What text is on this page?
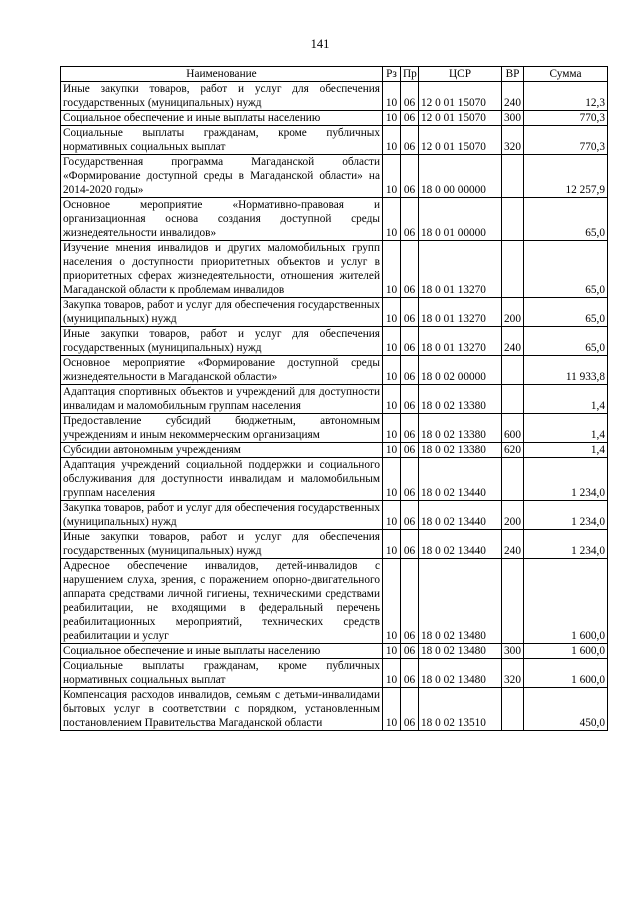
141
Наименование	Рз	Пр	ЦСР	ВР	Сумма
Иные закупки товаров, работ и услуг для обеспечения государственных (муниципальных) нужд	10	06	12 0 01 15070	240	12,3
Социальное обеспечение и иные выплаты населению	10	06	12 0 01 15070	300	770,3
Социальные выплаты гражданам, кроме публичных нормативных социальных выплат	10	06	12 0 01 15070	320	770,3
Государственная программа Магаданской области «Формирование доступной среды в Магаданской области» на 2014-2020 годы»	10	06	18 0 00 00000		12 257,9
Основное мероприятие «Нормативно-правовая и организационная основа создания доступной среды жизнедеятельности инвалидов»	10	06	18 0 01 00000		65,0
Изучение мнения инвалидов и других маломобильных групп населения о доступности приоритетных объектов и услуг в приоритетных сферах жизнедеятельности, отношения жителей Магаданской области к проблемам инвалидов	10	06	18 0 01 13270		65,0
Закупка товаров, работ и услуг для обеспечения государственных (муниципальных) нужд	10	06	18 0 01 13270	200	65,0
Иные закупки товаров, работ и услуг для обеспечения государственных (муниципальных) нужд	10	06	18 0 01 13270	240	65,0
Основное мероприятие «Формирование доступной среды жизнедеятельности в Магаданской области»	10	06	18 0 02 00000		11 933,8
Адаптация спортивных объектов и учреждений для доступности инвалидам и маломобильным группам населения	10	06	18 0 02 13380		1,4
Предоставление субсидий бюджетным, автономным учреждениям и иным некоммерческим организациям	10	06	18 0 02 13380	600	1,4
Субсидии автономным учреждениям	10	06	18 0 02 13380	620	1,4
Адаптация учреждений социальной поддержки и социального обслуживания для доступности инвалидам и маломобильным группам населения	10	06	18 0 02 13440		1 234,0
Закупка товаров, работ и услуг для обеспечения государственных (муниципальных) нужд	10	06	18 0 02 13440	200	1 234,0
Иные закупки товаров, работ и услуг для обеспечения государственных (муниципальных) нужд	10	06	18 0 02 13440	240	1 234,0
Адресное обеспечение инвалидов, детей-инвалидов с нарушением слуха, зрения, с поражением опорно-двигательного аппарата средствами личной гигиены, техническими средствами реабилитации, не входящими в федеральный перечень реабилитационных мероприятий, технических средств реабилитации и услуг	10	06	18 0 02 13480		1 600,0
Социальное обеспечение и иные выплаты населению	10	06	18 0 02 13480	300	1 600,0
Социальные выплаты гражданам, кроме публичных нормативных социальных выплат	10	06	18 0 02 13480	320	1 600,0
Компенсация расходов инвалидов, семьям с детьми-инвалидами бытовых услуг в соответствии с порядком, установленным постановлением Правительства Магаданской области	10	06	18 0 02 13510		450,0
